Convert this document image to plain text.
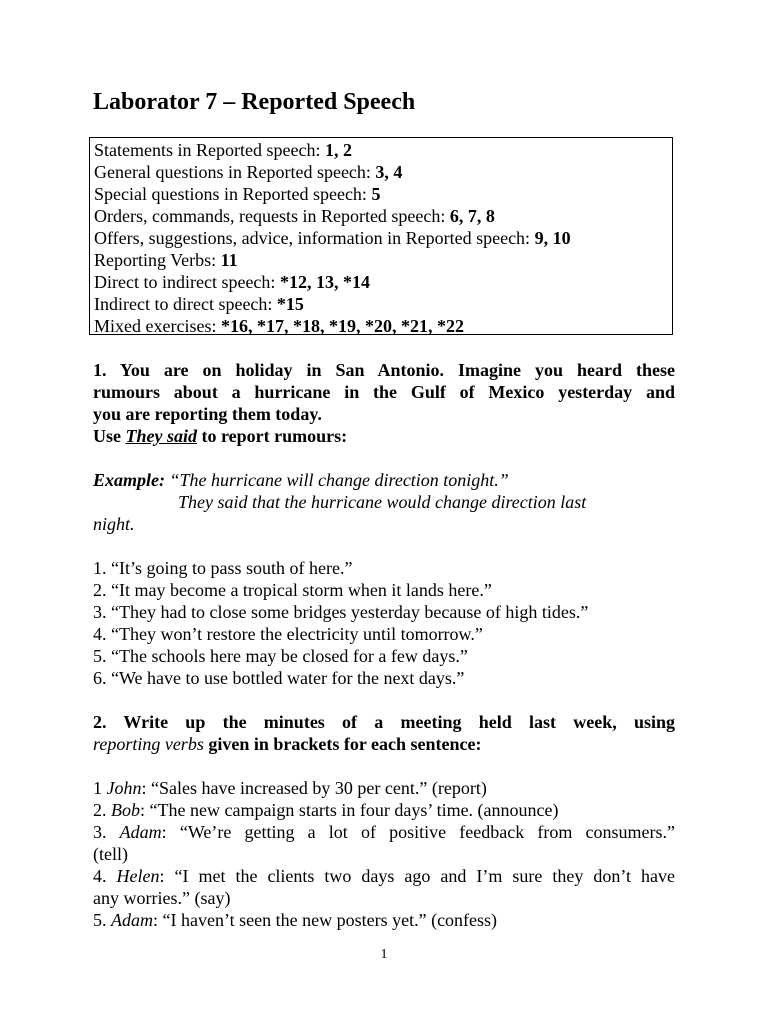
Laborator 7 – Reported Speech
Statements in Reported speech: 1, 2
General questions in Reported speech: 3, 4
Special questions in Reported speech: 5
Orders, commands, requests in Reported speech: 6, 7, 8
Offers, suggestions, advice, information in Reported speech: 9, 10
Reporting Verbs: 11
Direct to indirect speech: *12, 13, *14
Indirect to direct speech: *15
Mixed exercises: *16, *17, *18, *19, *20, *21, *22
1. You are on holiday in San Antonio. Imagine you heard these
rumours about a hurricane in the Gulf of Mexico yesterday and
you are reporting them today.
Use They said to report rumours:
Example: “The hurricane will change direction tonight.”
They said that the hurricane would change direction last
night.
1. “It’s going to pass south of here.”
2. “It may become a tropical storm when it lands here.”
3. “They had to close some bridges yesterday because of high tides.”
4. “They won’t restore the electricity until tomorrow.”
5. “The schools here may be closed for a few days.”
6. “We have to use bottled water for the next days.”
2. Write up the minutes of a meeting held last week, using
reporting verbs given in brackets for each sentence:
1 John: “Sales have increased by 30 per cent.” (report)
2. Bob: “The new campaign starts in four days’ time. (announce)
3. Adam: “We’re getting a lot of positive feedback from consumers.”
(tell)
4. Helen: “I met the clients two days ago and I’m sure they don’t have
any worries.” (say)
5. Adam: “I haven’t seen the new posters yet.” (confess)
1
